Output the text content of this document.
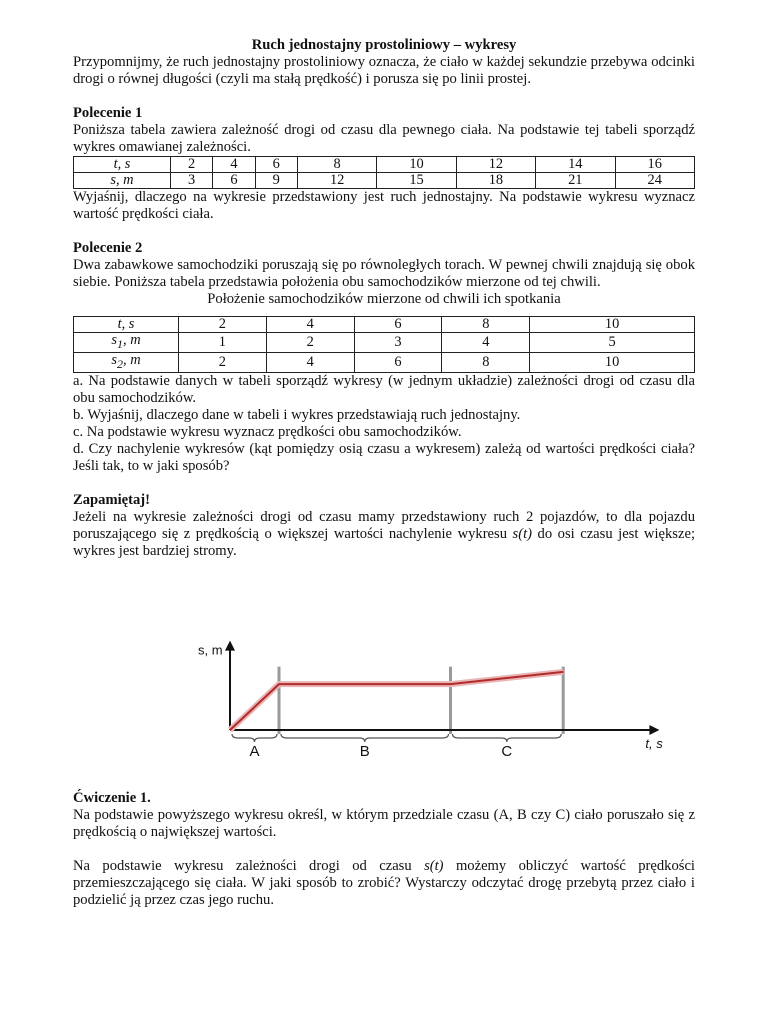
Ruch jednostajny prostoliniowy – wykresy

Przypomnijmy, że ruch jednostajny prostoliniowy oznacza, że ciało w każdej sekundzie przebywa odcinki drogi o równej długości (czyli ma stałą prędkość) i porusza się po linii prostej.

Polecenie 1

Poniższa tabela zawiera zależność drogi od czasu dla pewnego ciała. Na podstawie tej tabeli sporządź wykres omawianej zależności.

t, s	2	4	6	8	10	12	14	16
s, m	3	6	9	12	15	18	21	24

Wyjaśnij, dlaczego na wykresie przedstawiony jest ruch jednostajny. Na podstawie wykresu wyznacz wartość prędkości ciała.

Polecenie 2

Dwa zabawkowe samochodziki poruszają się po równoległych torach. W pewnej chwili znajdują się obok siebie. Poniższa tabela przedstawia położenia obu samochodzików mierzone od tej chwili.

Położenie samochodzików mierzone od chwili ich spotkania

t, s	2	4	6	8	10
$s_1$, m	1	2	3	4	5
$s_2$, m	2	4	6	8	10

a. Na podstawie danych w tabeli sporządź wykresy (w jednym układzie) zależności drogi od czasu dla obu samochodzików.

b. Wyjaśnij, dlaczego dane w tabeli i wykres przedstawiają ruch jednostajny.

c. Na podstawie wykresu wyznacz prędkości obu samochodzików.

d. Czy nachylenie wykresów (kąt pomiędzy osią czasu a wykresem) zależą od wartości prędkości ciała? Jeśli tak, to w jaki sposób?

Zapamiętaj!

Jeżeli na wykresie zależności drogi od czasu mamy przedstawiony ruch 2 pojazdów, to dla pojazdu poruszającego się z prędkością o większej wartości nachylenie wykresu s(t) do osi czasu jest większe; wykres jest bardziej stromy.

s, m
t, s
A	B	C

Ćwiczenie 1.

Na podstawie powyższego wykresu określ, w którym przedziale czasu (A, B czy C) ciało poruszało się z prędkością o największej wartości.

Na podstawie wykresu zależności drogi od czasu s(t) możemy obliczyć wartość prędkości przemieszczającego się ciała. W jaki sposób to zrobić? Wystarczy odczytać drogę przebytą przez ciało i podzielić ją przez czas jego ruchu.
